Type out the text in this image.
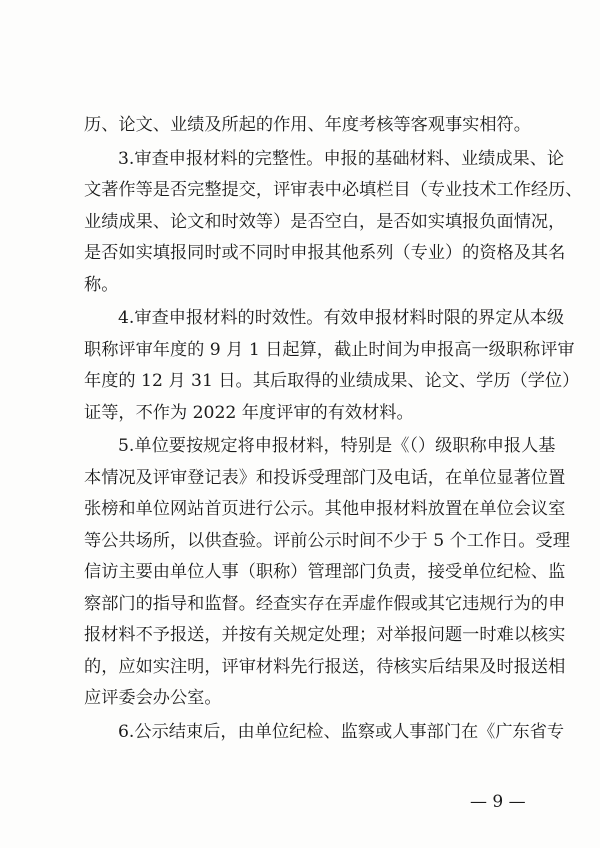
历、论文、业绩及所起的作用、年度考核等客观事实相符。
3.审查申报材料的完整性。申报的基础材料、业绩成果、论
文著作等是否完整提交，评审表中必填栏目（专业技术工作经历、
业绩成果、论文和时效等）是否空白，是否如实填报负面情况，
是否如实填报同时或不同时申报其他系列（专业）的资格及其名
称。
4.审查申报材料的时效性。有效申报材料时限的界定从本级
职称评审年度的 9 月 1 日起算，截止时间为申报高一级职称评审
年度的 12 月 31 日。其后取得的业绩成果、论文、学历（学位）
证等，不作为 2022 年度评审的有效材料。
5.单位要按规定将申报材料，特别是《（）级职称申报人基
本情况及评审登记表》和投诉受理部门及电话，在单位显著位置
张榜和单位网站首页进行公示。其他申报材料放置在单位会议室
等公共场所，以供查验。评前公示时间不少于 5 个工作日。受理
信访主要由单位人事（职称）管理部门负责，接受单位纪检、监
察部门的指导和监督。经查实存在弄虚作假或其它违规行为的申
报材料不予报送，并按有关规定处理；对举报问题一时难以核实
的，应如实注明，评审材料先行报送，待核实后结果及时报送相
应评委会办公室。
6.公示结束后，由单位纪检、监察或人事部门在《广东省专
— 9 —
